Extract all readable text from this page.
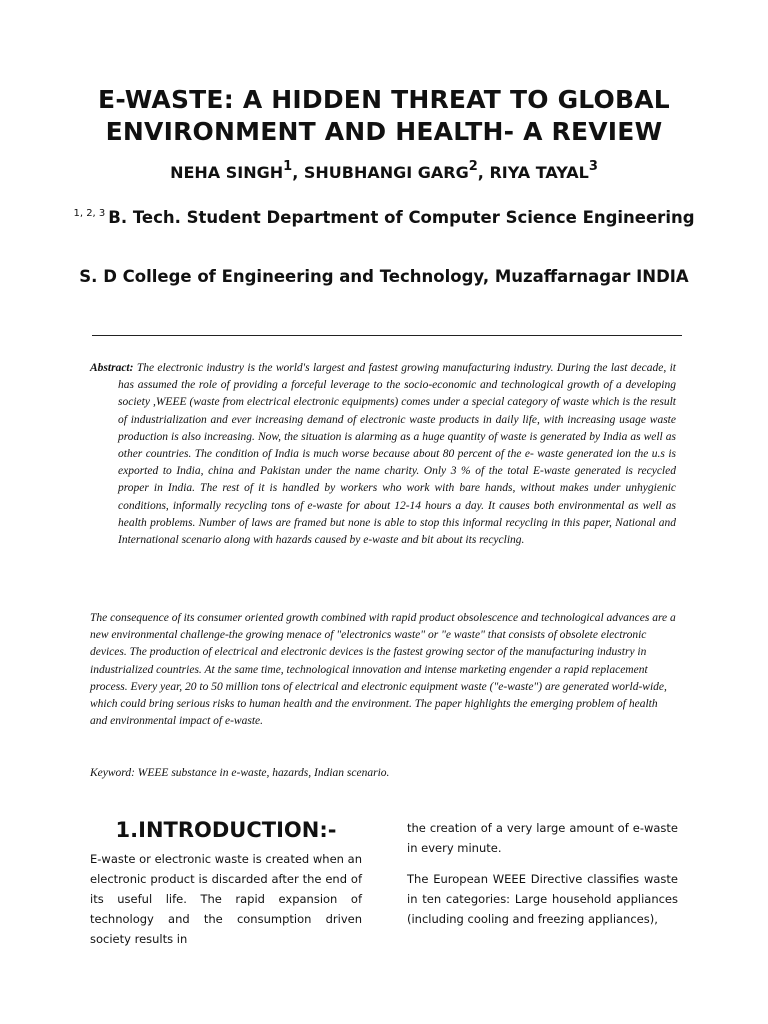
E-WASTE: A HIDDEN THREAT TO GLOBAL ENVIRONMENT AND HEALTH- A REVIEW
NEHA SINGH$^1$, SHUBHANGI GARG$^2$, RIYA TAYAL$^3$
$^{1, 2, 3}$ B. Tech. Student Department of Computer Science Engineering
S. D College of Engineering and Technology, Muzaffarnagar INDIA
Abstract: The electronic industry is the world's largest and fastest growing manufacturing industry. During the last decade, it has assumed the role of providing a forceful leverage to the socio-economic and technological growth of a developing society ,WEEE (waste from electrical electronic equipments) comes under a special category of waste which is the result of industrialization and ever increasing demand of electronic waste products in daily life, with increasing usage waste production is also increasing. Now, the situation is alarming as a huge quantity of waste is generated by India as well as other countries. The condition of India is much worse because about 80 percent of the e- waste generated ion the u.s is exported to India, china and Pakistan under the name charity. Only 3 % of the total E-waste generated is recycled proper in India. The rest of it is handled by workers who work with bare hands, without makes under unhygienic conditions, informally recycling tons of e-waste for about 12-14 hours a day. It causes both environmental as well as health problems. Number of laws are framed but none is able to stop this informal recycling in this paper, National and International scenario along with hazards caused by e-waste and bit about its recycling.
The consequence of its consumer oriented growth combined with rapid product obsolescence and technological advances are a new environmental challenge-the growing menace of "electronics waste" or "e waste" that consists of obsolete electronic devices. The production of electrical and electronic devices is the fastest growing sector of the manufacturing industry in industrialized countries. At the same time, technological innovation and intense marketing engender a rapid replacement process. Every year, 20 to 50 million tons of electrical and electronic equipment waste ("e-waste") are generated world-wide, which could bring serious risks to human health and the environment. The paper highlights the emerging problem of health and environmental impact of e-waste.
Keyword: WEEE substance in e-waste, hazards, Indian scenario.
1.INTRODUCTION:-
E-waste or electronic waste is created when an electronic product is discarded after the end of its useful life. The rapid expansion of technology and the consumption driven society results in

the creation of a very large amount of e-waste in every minute.

The European WEEE Directive classifies waste in ten categories: Large household appliances (including cooling and freezing appliances),
